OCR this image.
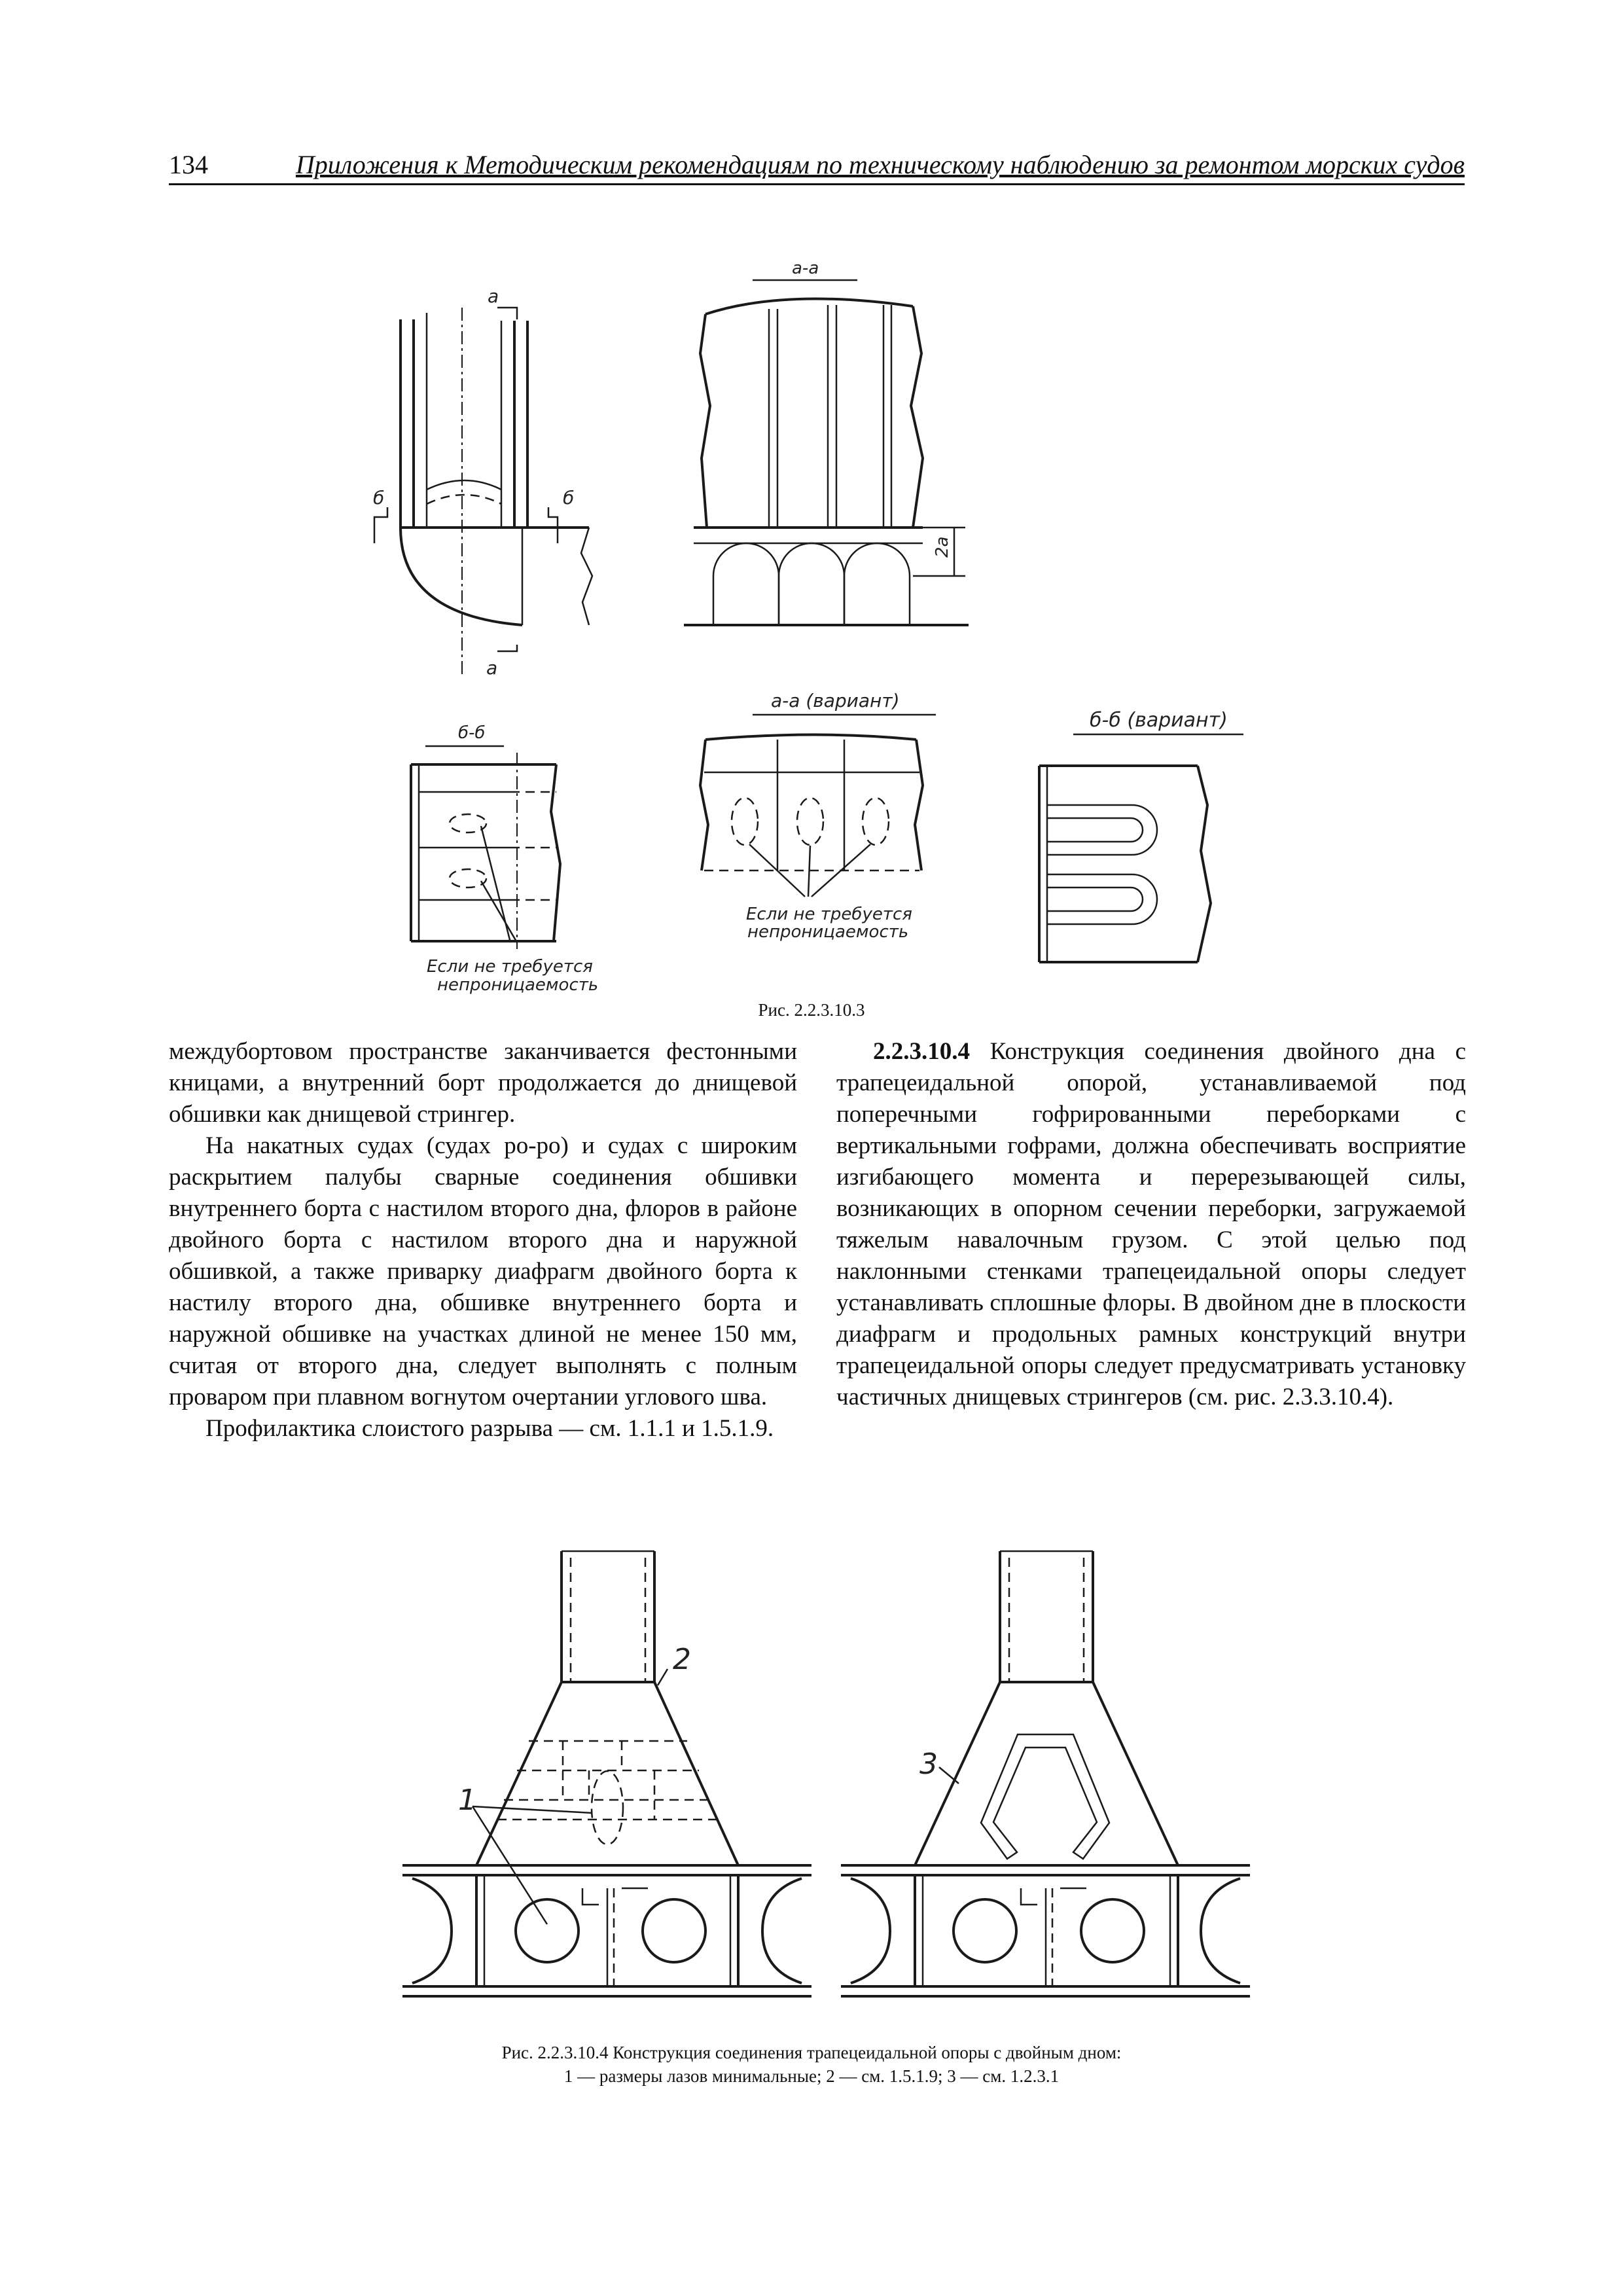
134	Приложения к Методическим рекомендациям по техническому наблюдению за ремонтом морских судов
а
а
б	б
а-а
2а
б-б
Если не требуется
непроницаемость
а-а (вариант)
Если не требуется
непроницаемость
б-б (вариант)
Рис. 2.2.3.10.3

междубортовом пространстве заканчивается фестонными кницами, а внутренний борт продолжается до днищевой обшивки как днищевой стрингер.

На накатных судах (судах ро-ро) и судах с широким раскрытием палубы сварные соединения обшивки внутреннего борта с настилом второго дна, флоров в районе двойного борта с настилом второго дна и наружной обшивкой, а также приварку диафрагм двойного борта к настилу второго дна, обшивке внутреннего борта и наружной обшивке на участках длиной не менее 150 мм, считая от второго дна, следует выполнять с полным проваром при плавном вогнутом очертании углового шва.

Профилактика слоистого разрыва — см. 1.1.1 и 1.5.1.9.

2.2.3.10.4 Конструкция соединения двойного дна с трапецеидальной опорой, устанавливаемой под поперечными гофрированными переборками с вертикальными гофрами, должна обеспечивать восприятие изгибающего момента и перерезывающей силы, возникающих в опорном сечении переборки, загружаемой тяжелым навалочным грузом. С этой целью под наклонными стенками трапецеидальной опоры следует устанавливать сплошные флоры. В двойном дне в плоскости диафрагм и продольных рамных конструкций внутри трапецеидальной опоры следует предусматривать установку частичных днищевых стрингеров (см. рис. 2.3.3.10.4).

2
1
3
Рис. 2.2.3.10.4 Конструкция соединения трапецеидальной опоры с двойным дном:
1 — размеры лазов минимальные; 2 — см. 1.5.1.9; 3 — см. 1.2.3.1
